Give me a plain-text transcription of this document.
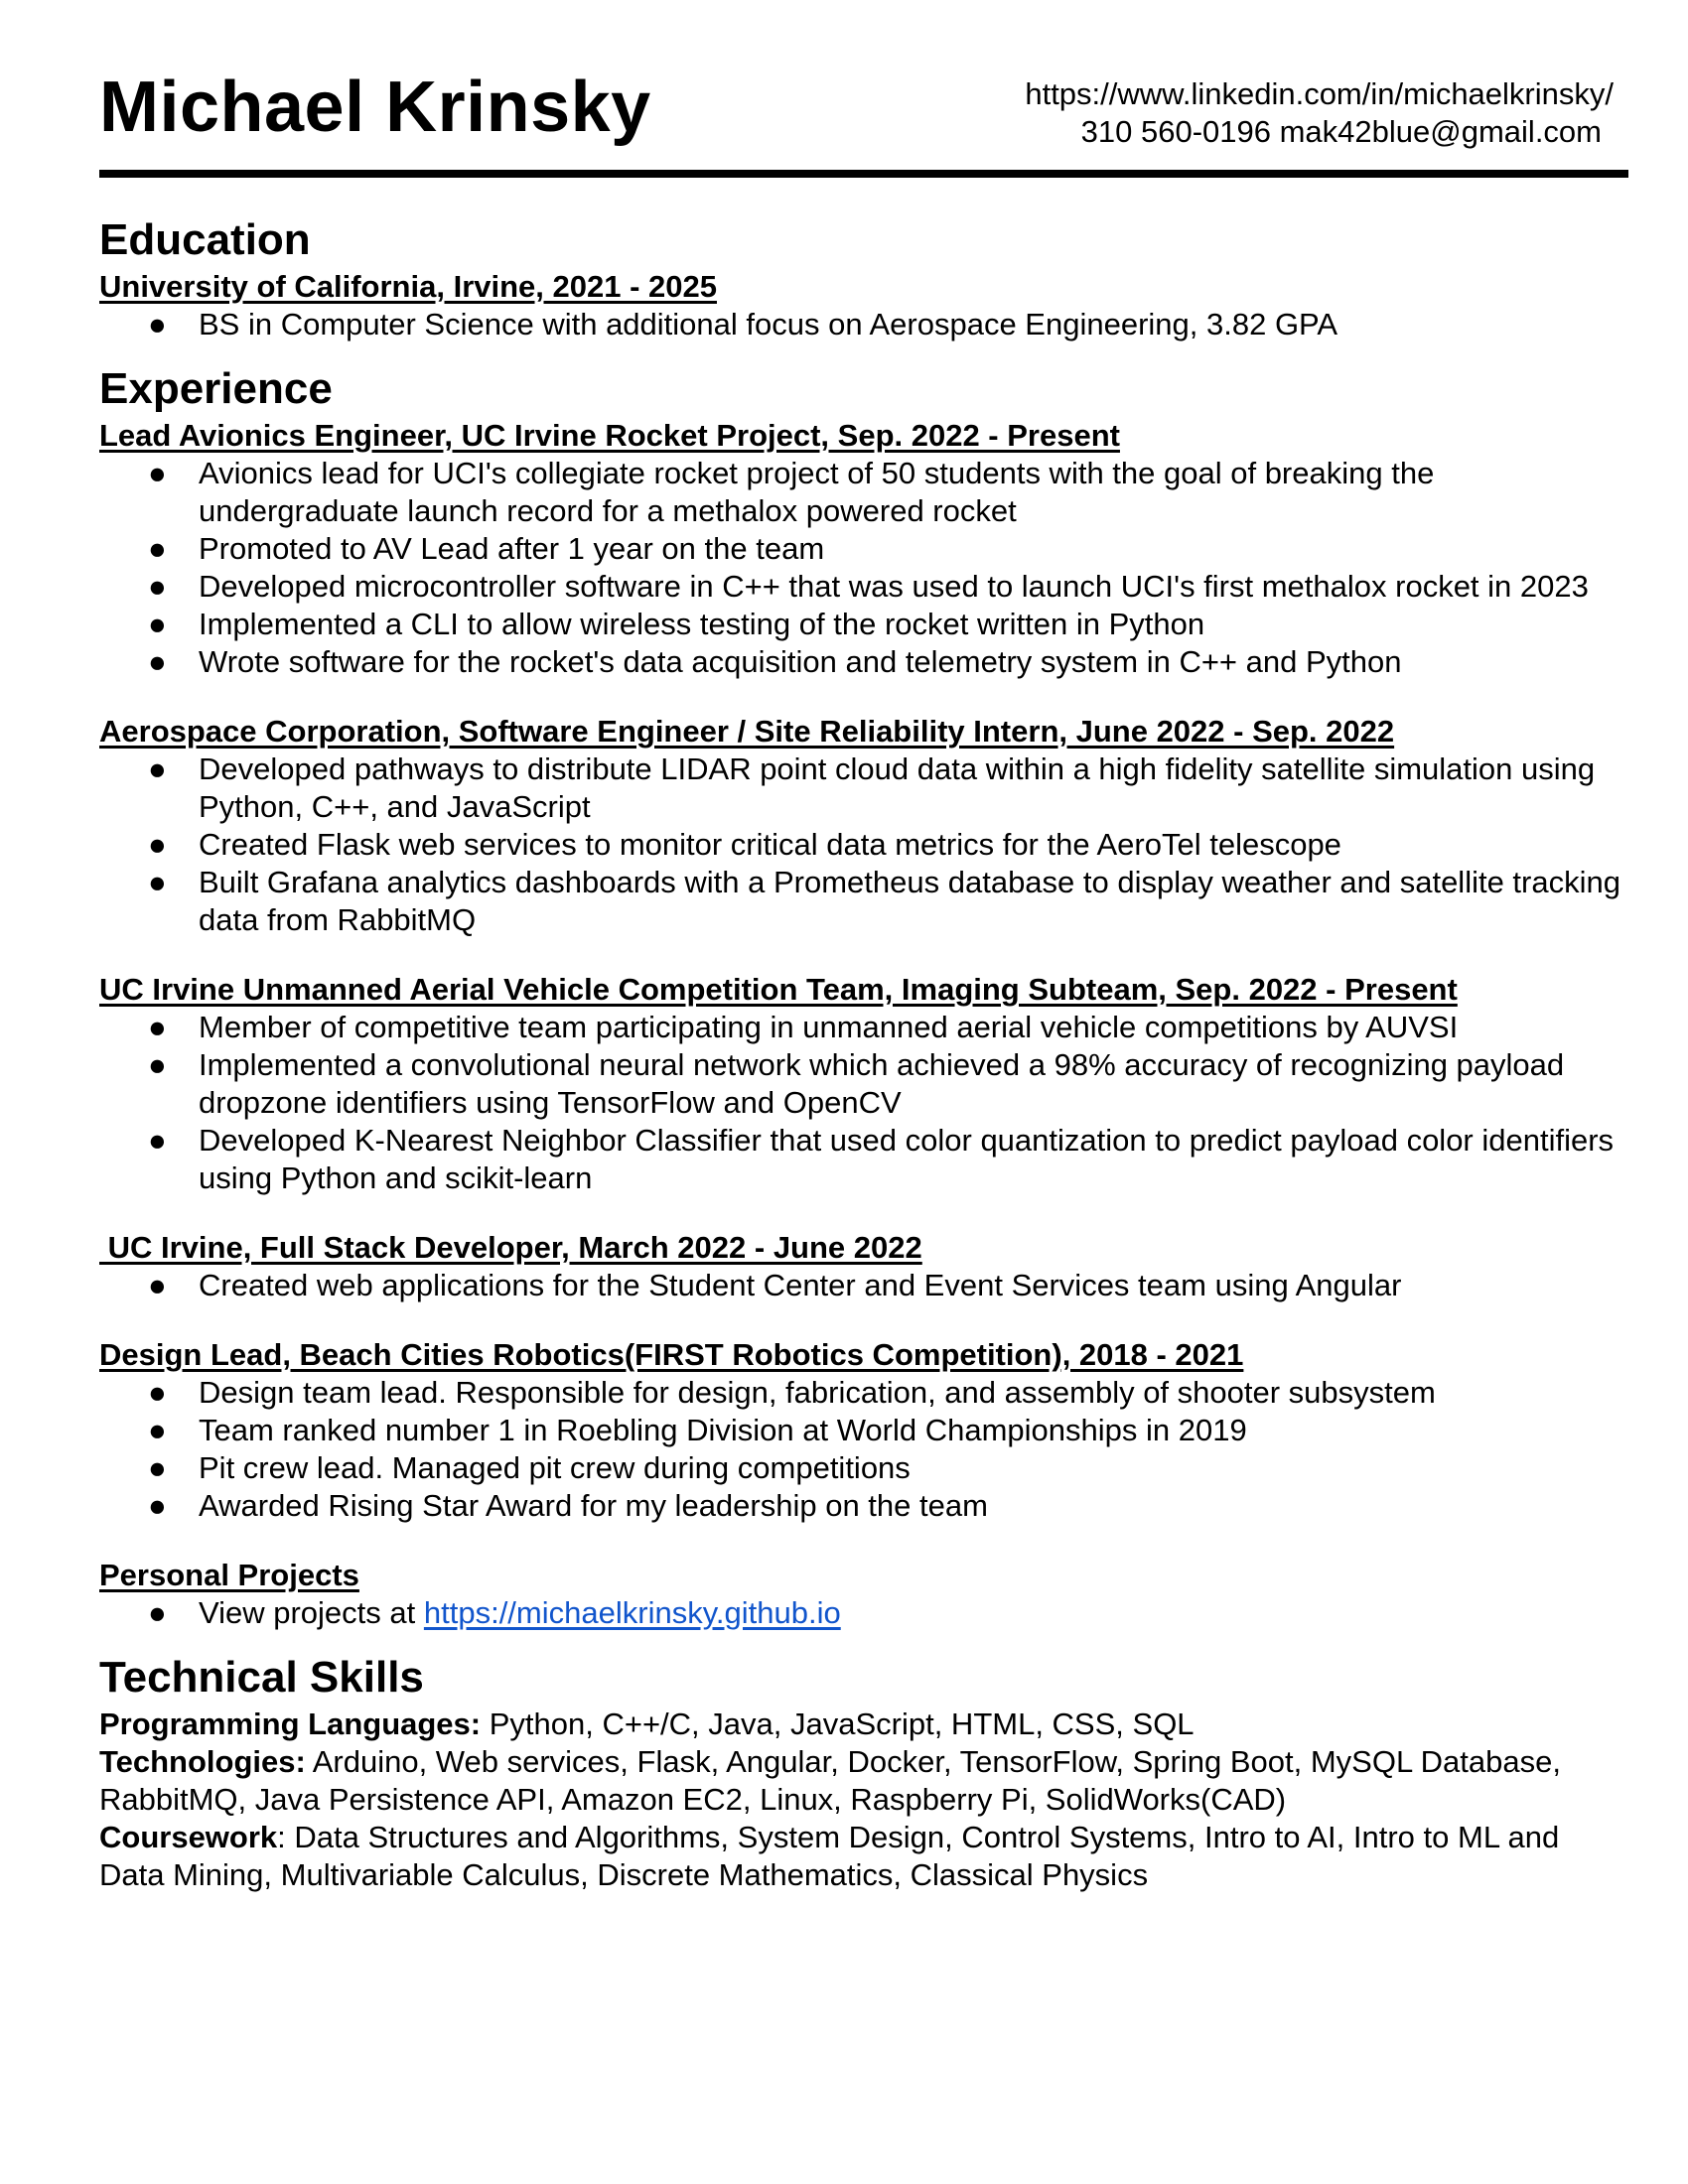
Michael Krinsky	https://www.linkedin.com/in/michaelkrinsky/
310 560-0196 mak42blue@gmail.com
Education
University of California, Irvine, 2021 - 2025
● BS in Computer Science with additional focus on Aerospace Engineering, 3.82 GPA
Experience
Lead Avionics Engineer, UC Irvine Rocket Project, Sep. 2022 - Present
● Avionics lead for UCI's collegiate rocket project of 50 students with the goal of breaking the undergraduate launch record for a methalox powered rocket
● Promoted to AV Lead after 1 year on the team
● Developed microcontroller software in C++ that was used to launch UCI's first methalox rocket in 2023
● Implemented a CLI to allow wireless testing of the rocket written in Python
● Wrote software for the rocket's data acquisition and telemetry system in C++ and Python
Aerospace Corporation, Software Engineer / Site Reliability Intern, June 2022 - Sep. 2022
● Developed pathways to distribute LIDAR point cloud data within a high fidelity satellite simulation using Python, C++, and JavaScript
● Created Flask web services to monitor critical data metrics for the AeroTel telescope
● Built Grafana analytics dashboards with a Prometheus database to display weather and satellite tracking data from RabbitMQ
UC Irvine Unmanned Aerial Vehicle Competition Team, Imaging Subteam, Sep. 2022 - Present
● Member of competitive team participating in unmanned aerial vehicle competitions by AUVSI
● Implemented a convolutional neural network which achieved a 98% accuracy of recognizing payload dropzone identifiers using TensorFlow and OpenCV
● Developed K-Nearest Neighbor Classifier that used color quantization to predict payload color identifiers using Python and scikit-learn
UC Irvine, Full Stack Developer, March 2022 - June 2022
● Created web applications for the Student Center and Event Services team using Angular
Design Lead, Beach Cities Robotics(FIRST Robotics Competition), 2018 - 2021
● Design team lead. Responsible for design, fabrication, and assembly of shooter subsystem
● Team ranked number 1 in Roebling Division at World Championships in 2019
● Pit crew lead. Managed pit crew during competitions
● Awarded Rising Star Award for my leadership on the team
Personal Projects
● View projects at https://michaelkrinsky.github.io
Technical Skills

Programming Languages: Python, C++/C, Java, JavaScript, HTML, CSS, SQL

Technologies: Arduino, Web services, Flask, Angular, Docker, TensorFlow, Spring Boot, MySQL Database, RabbitMQ, Java Persistence API, Amazon EC2, Linux, Raspberry Pi, SolidWorks(CAD)

Coursework: Data Structures and Algorithms, System Design, Control Systems, Intro to AI, Intro to ML and Data Mining, Multivariable Calculus, Discrete Mathematics, Classical Physics
